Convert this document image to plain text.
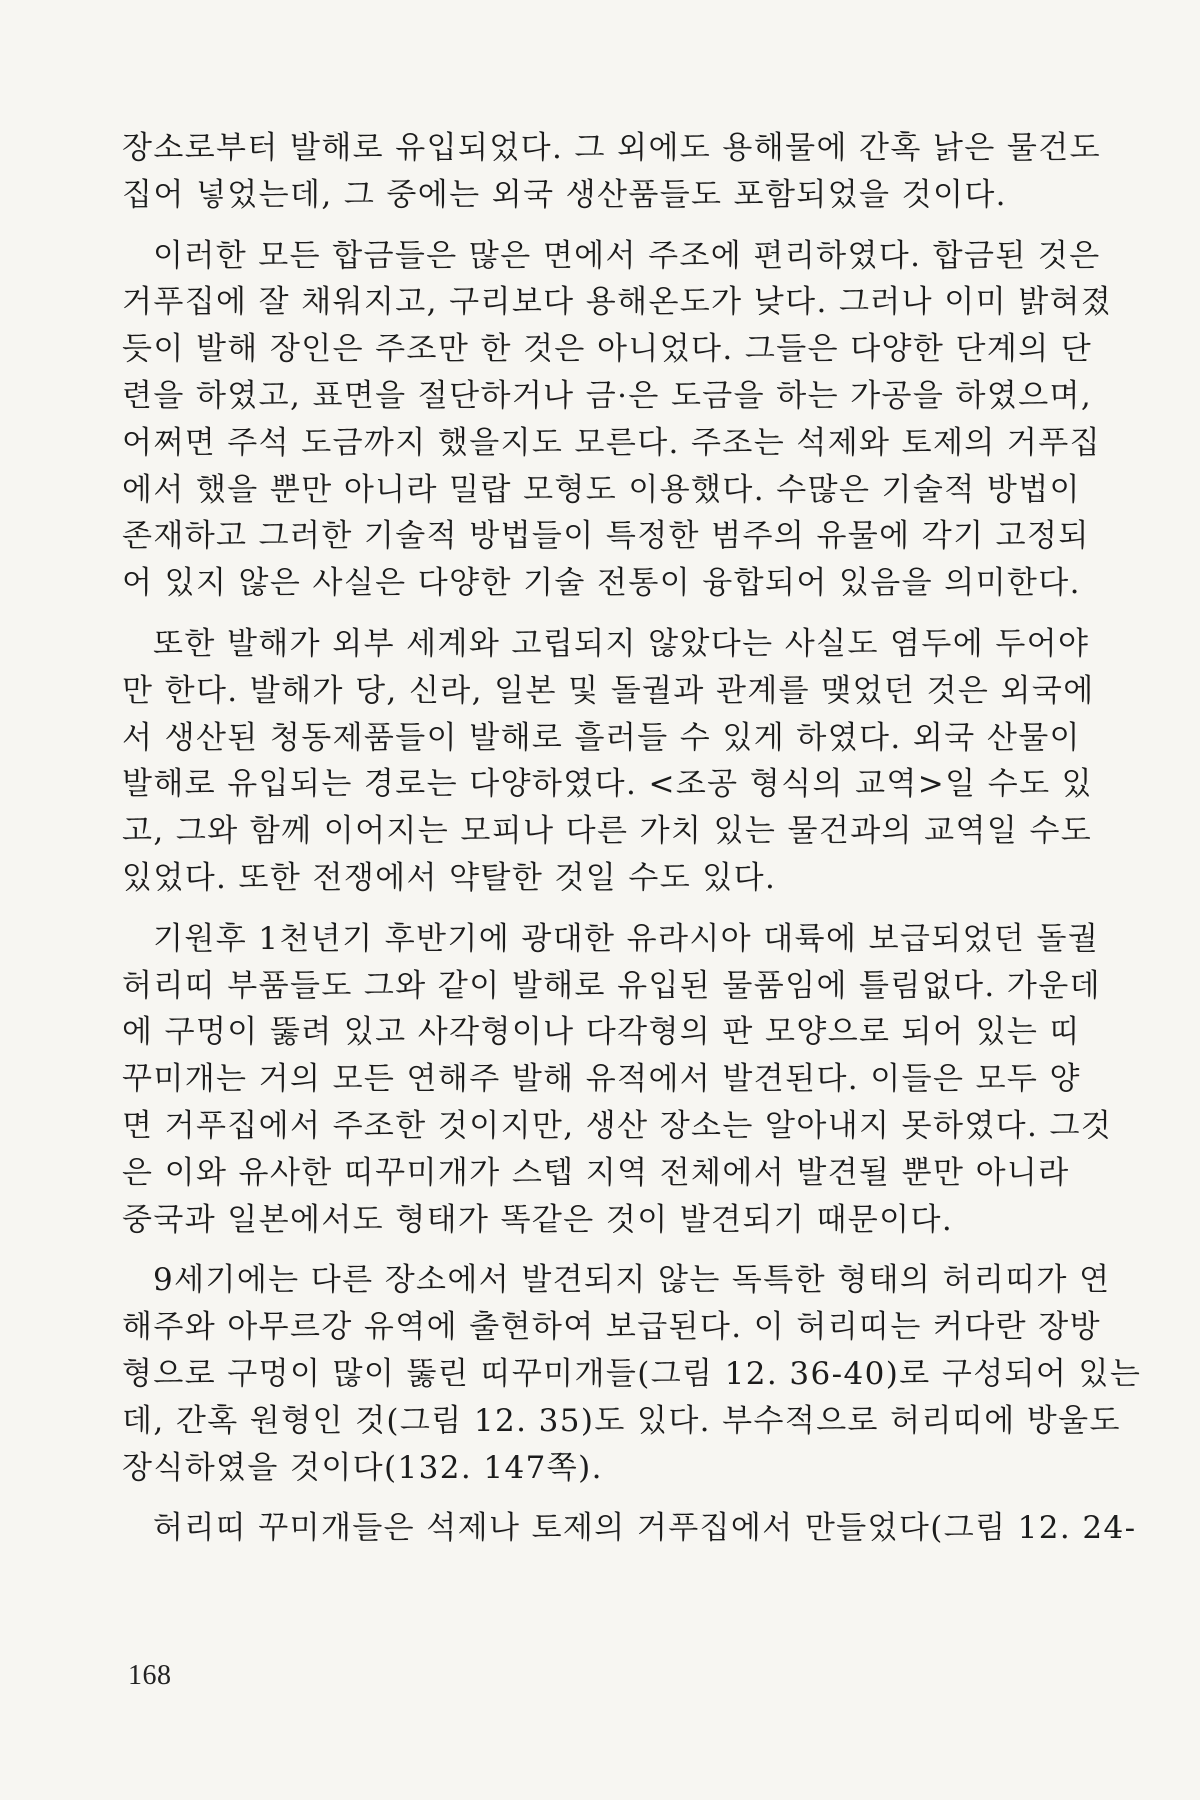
장소로부터 발해로 유입되었다. 그 외에도 용해물에 간혹 낡은 물건도
집어 넣었는데, 그 중에는 외국 생산품들도 포함되었을 것이다.
이러한 모든 합금들은 많은 면에서 주조에 편리하였다. 합금된 것은
거푸집에 잘 채워지고, 구리보다 용해온도가 낮다. 그러나 이미 밝혀졌
듯이 발해 장인은 주조만 한 것은 아니었다. 그들은 다양한 단계의 단
련을 하였고, 표면을 절단하거나 금·은 도금을 하는 가공을 하였으며,
어쩌면 주석 도금까지 했을지도 모른다. 주조는 석제와 토제의 거푸집
에서 했을 뿐만 아니라 밀랍 모형도 이용했다. 수많은 기술적 방법이
존재하고 그러한 기술적 방법들이 특정한 범주의 유물에 각기 고정되
어 있지 않은 사실은 다양한 기술 전통이 융합되어 있음을 의미한다.
또한 발해가 외부 세계와 고립되지 않았다는 사실도 염두에 두어야
만 한다. 발해가 당, 신라, 일본 및 돌궐과 관계를 맺었던 것은 외국에
서 생산된 청동제품들이 발해로 흘러들 수 있게 하였다. 외국 산물이
발해로 유입되는 경로는 다양하였다. <조공 형식의 교역>일 수도 있
고, 그와 함께 이어지는 모피나 다른 가치 있는 물건과의 교역일 수도
있었다. 또한 전쟁에서 약탈한 것일 수도 있다.
기원후 1천년기 후반기에 광대한 유라시아 대륙에 보급되었던 돌궐
허리띠 부품들도 그와 같이 발해로 유입된 물품임에 틀림없다. 가운데
에 구멍이 뚫려 있고 사각형이나 다각형의 판 모양으로 되어 있는 띠
꾸미개는 거의 모든 연해주 발해 유적에서 발견된다. 이들은 모두 양
면 거푸집에서 주조한 것이지만, 생산 장소는 알아내지 못하였다. 그것
은 이와 유사한 띠꾸미개가 스텝 지역 전체에서 발견될 뿐만 아니라
중국과 일본에서도 형태가 똑같은 것이 발견되기 때문이다.
9세기에는 다른 장소에서 발견되지 않는 독특한 형태의 허리띠가 연
해주와 아무르강 유역에 출현하여 보급된다. 이 허리띠는 커다란 장방
형으로 구멍이 많이 뚫린 띠꾸미개들(그림 12. 36-40)로 구성되어 있는
데, 간혹 원형인 것(그림 12. 35)도 있다. 부수적으로 허리띠에 방울도
장식하였을 것이다(132. 147쪽).
허리띠 꾸미개들은 석제나 토제의 거푸집에서 만들었다(그림 12. 24-
168
